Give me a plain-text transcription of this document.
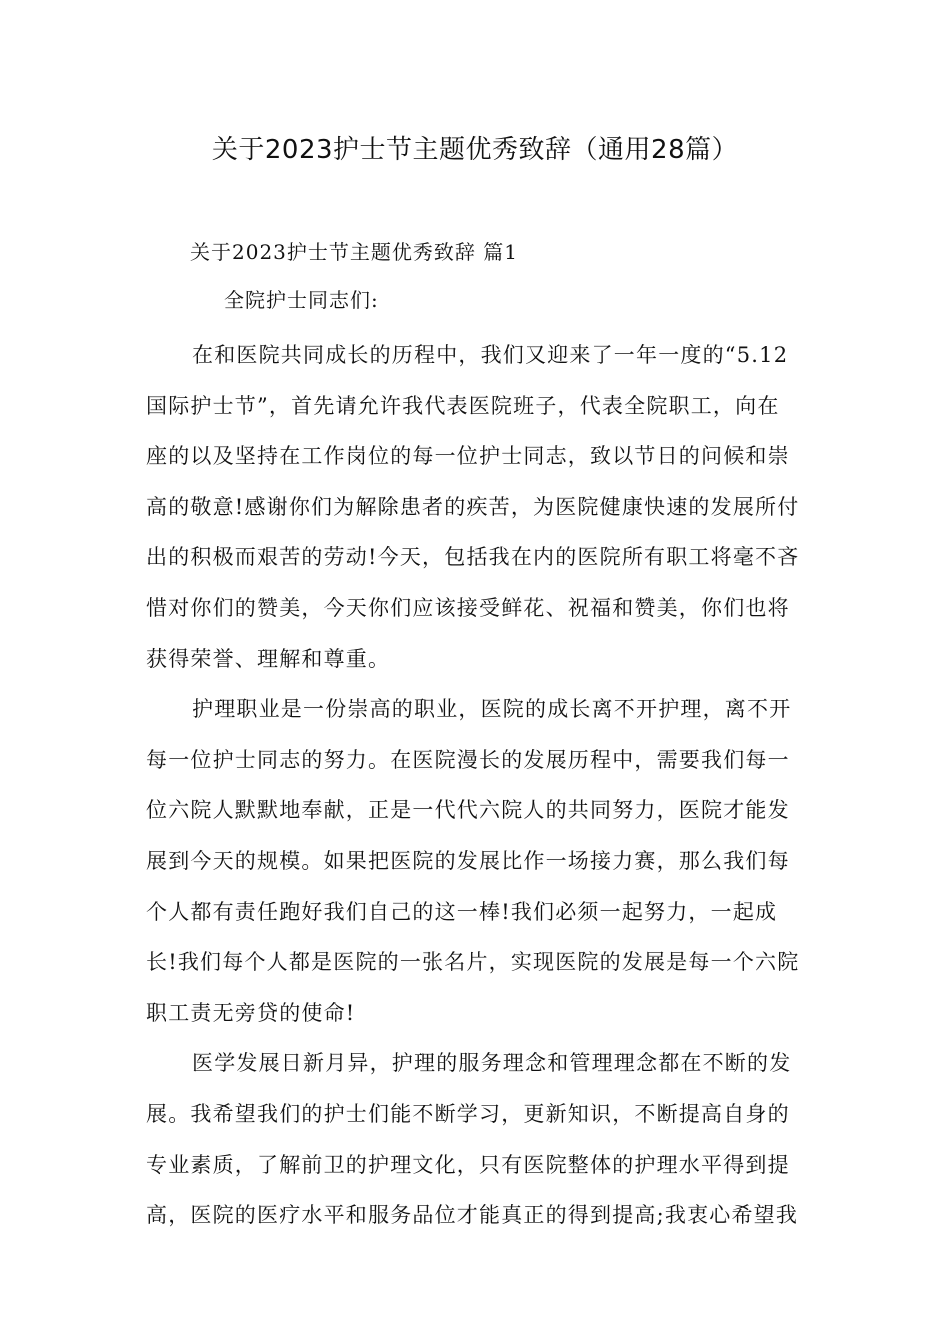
关于2023护士节主题优秀致辞（通用28篇）

关于2023护士节主题优秀致辞 篇1

全院护士同志们:

在和医院共同成长的历程中，我们又迎来了一年一度的“5.12
国际护士节”，首先请允许我代表医院班子，代表全院职工，向在
座的以及坚持在工作岗位的每一位护士同志，致以节日的问候和崇
高的敬意!感谢你们为解除患者的疾苦，为医院健康快速的发展所付
出的积极而艰苦的劳动!今天，包括我在内的医院所有职工将毫不吝
惜对你们的赞美，今天你们应该接受鲜花、祝福和赞美，你们也将
获得荣誉、理解和尊重。

护理职业是一份崇高的职业，医院的成长离不开护理，离不开
每一位护士同志的努力。在医院漫长的发展历程中，需要我们每一
位六院人默默地奉献，正是一代代六院人的共同努力，医院才能发
展到今天的规模。如果把医院的发展比作一场接力赛，那么我们每
个人都有责任跑好我们自己的这一棒!我们必须一起努力，一起成
长!我们每个人都是医院的一张名片，实现医院的发展是每一个六院
职工责无旁贷的使命!

医学发展日新月异，护理的服务理念和管理理念都在不断的发
展。我希望我们的护士们能不断学习，更新知识，不断提高自身的
专业素质，了解前卫的护理文化，只有医院整体的护理水平得到提
高，医院的医疗水平和服务品位才能真正的得到提高;我衷心希望我
